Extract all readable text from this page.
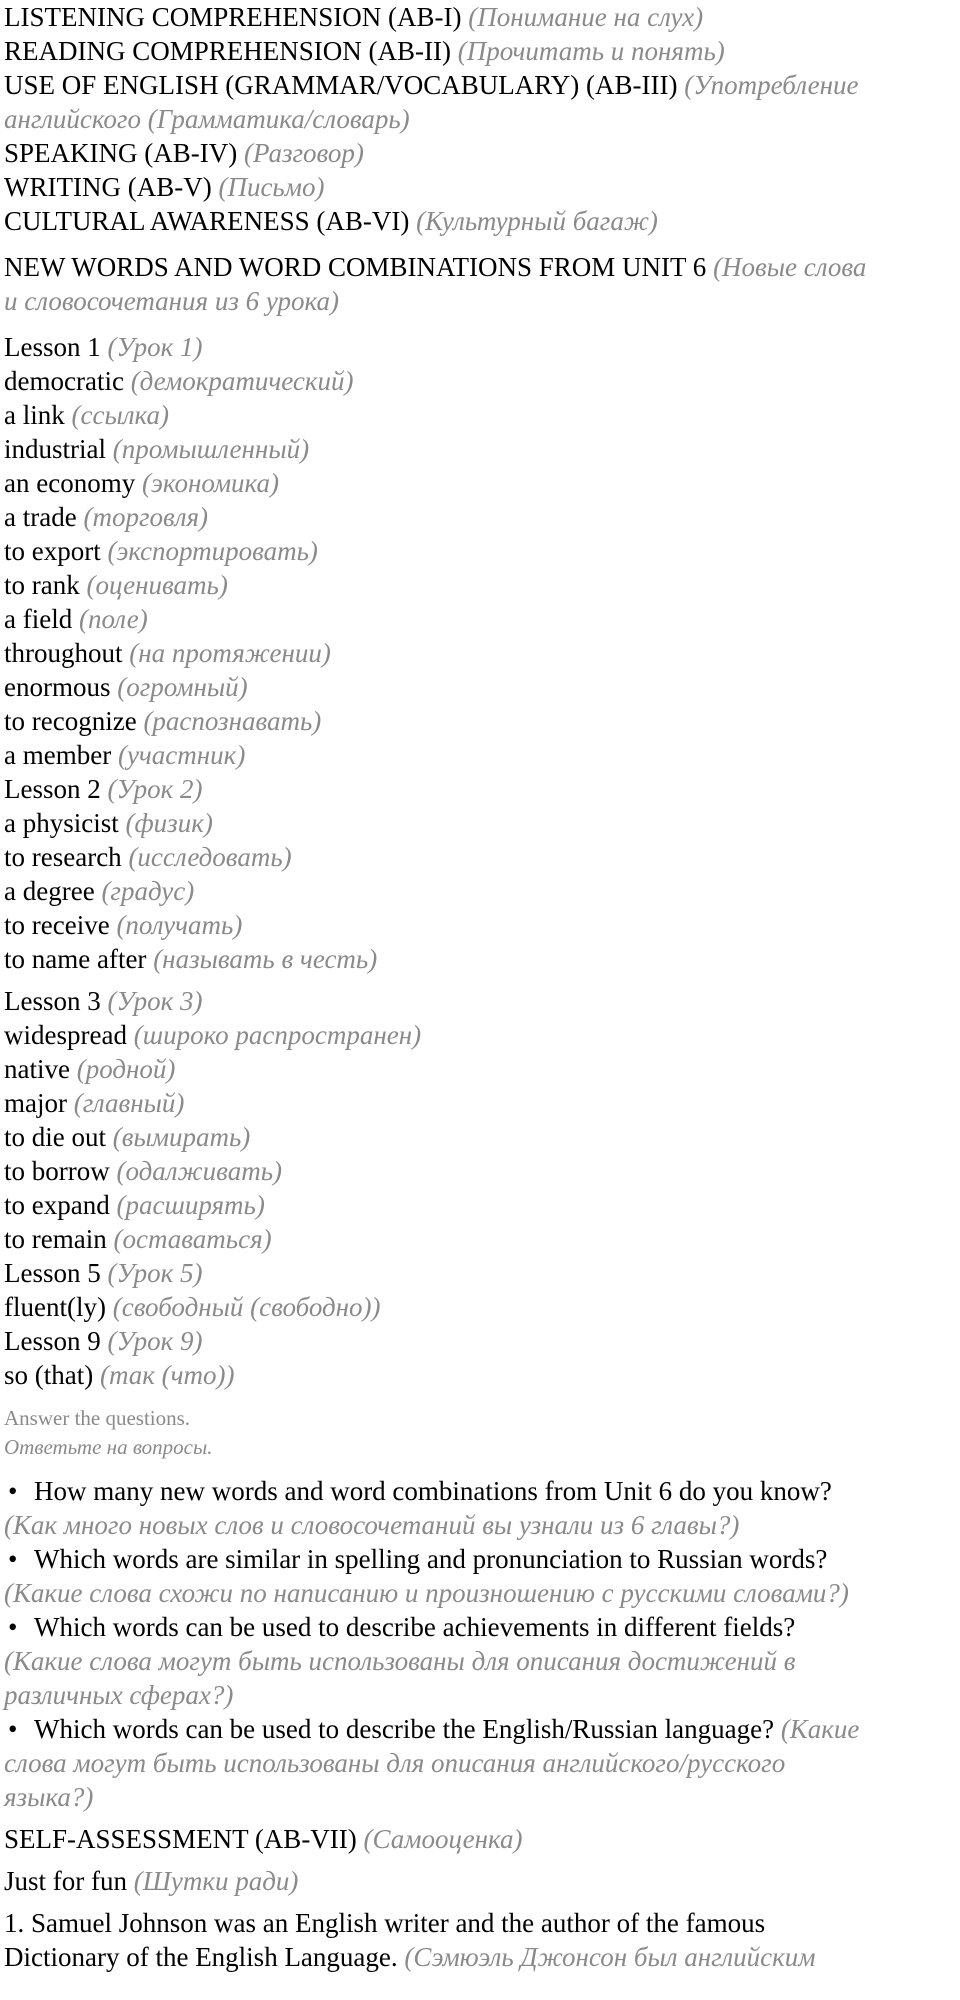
LISTENING COMPREHENSION (AB-I) (Понимание на слух)
READING COMPREHENSION (AB-II) (Прочитать и понять)
USE OF ENGLISH (GRAMMAR/VOCABULARY) (AB-III) (Употребление
английского (Грамматика/словарь)
SPEAKING (AB-IV) (Разговор)
WRITING (AB-V) (Письмо)
CULTURAL AWARENESS (AB-VI) (Культурный багаж)
NEW WORDS AND WORD COMBINATIONS FROM UNIT 6 (Новые слова
и словосочетания из 6 урока)
Lesson 1 (Урок 1)
democratic (демократический)
a link (ссылка)
industrial (промышленный)
an economy (экономика)
a trade (торговля)
to export (экспортировать)
to rank (оценивать)
a field (поле)
throughout (на протяжении)
enormous (огромный)
to recognize (распознавать)
a member (участник)
Lesson 2 (Урок 2)
a physicist (физик)
to research (исследовать)
a degree (градус)
to receive (получать)
to name after (называть в честь)
Lesson 3 (Урок 3)
widespread (широко распространен)
native (родной)
major (главный)
to die out (вымирать)
to borrow (одалживать)
to expand (расширять)
to remain (оставаться)
Lesson 5 (Урок 5)
fluent(ly) (свободный (свободно))
Lesson 9 (Урок 9)
so (that) (так (что))
Answer the questions.
Ответьте на вопросы.
• How many new words and word combinations from Unit 6 do you know?
(Как много новых слов и словосочетаний вы узнали из 6 главы?)
• Which words are similar in spelling and pronunciation to Russian words?
(Какие слова схожи по написанию и произношению с русскими словами?)
• Which words can be used to describe achievements in different fields?
(Какие слова могут быть использованы для описания достижений в
различных сферах?)
• Which words can be used to describe the English/Russian language? (Какие
слова могут быть использованы для описания английского/русского
языка?)
SELF-ASSESSMENT (AB-VII) (Самооценка)
Just for fun (Шутки ради)
1. Samuel Johnson was an English writer and the author of the famous
Dictionary of the English Language. (Сэмюэль Джонсон был английским
